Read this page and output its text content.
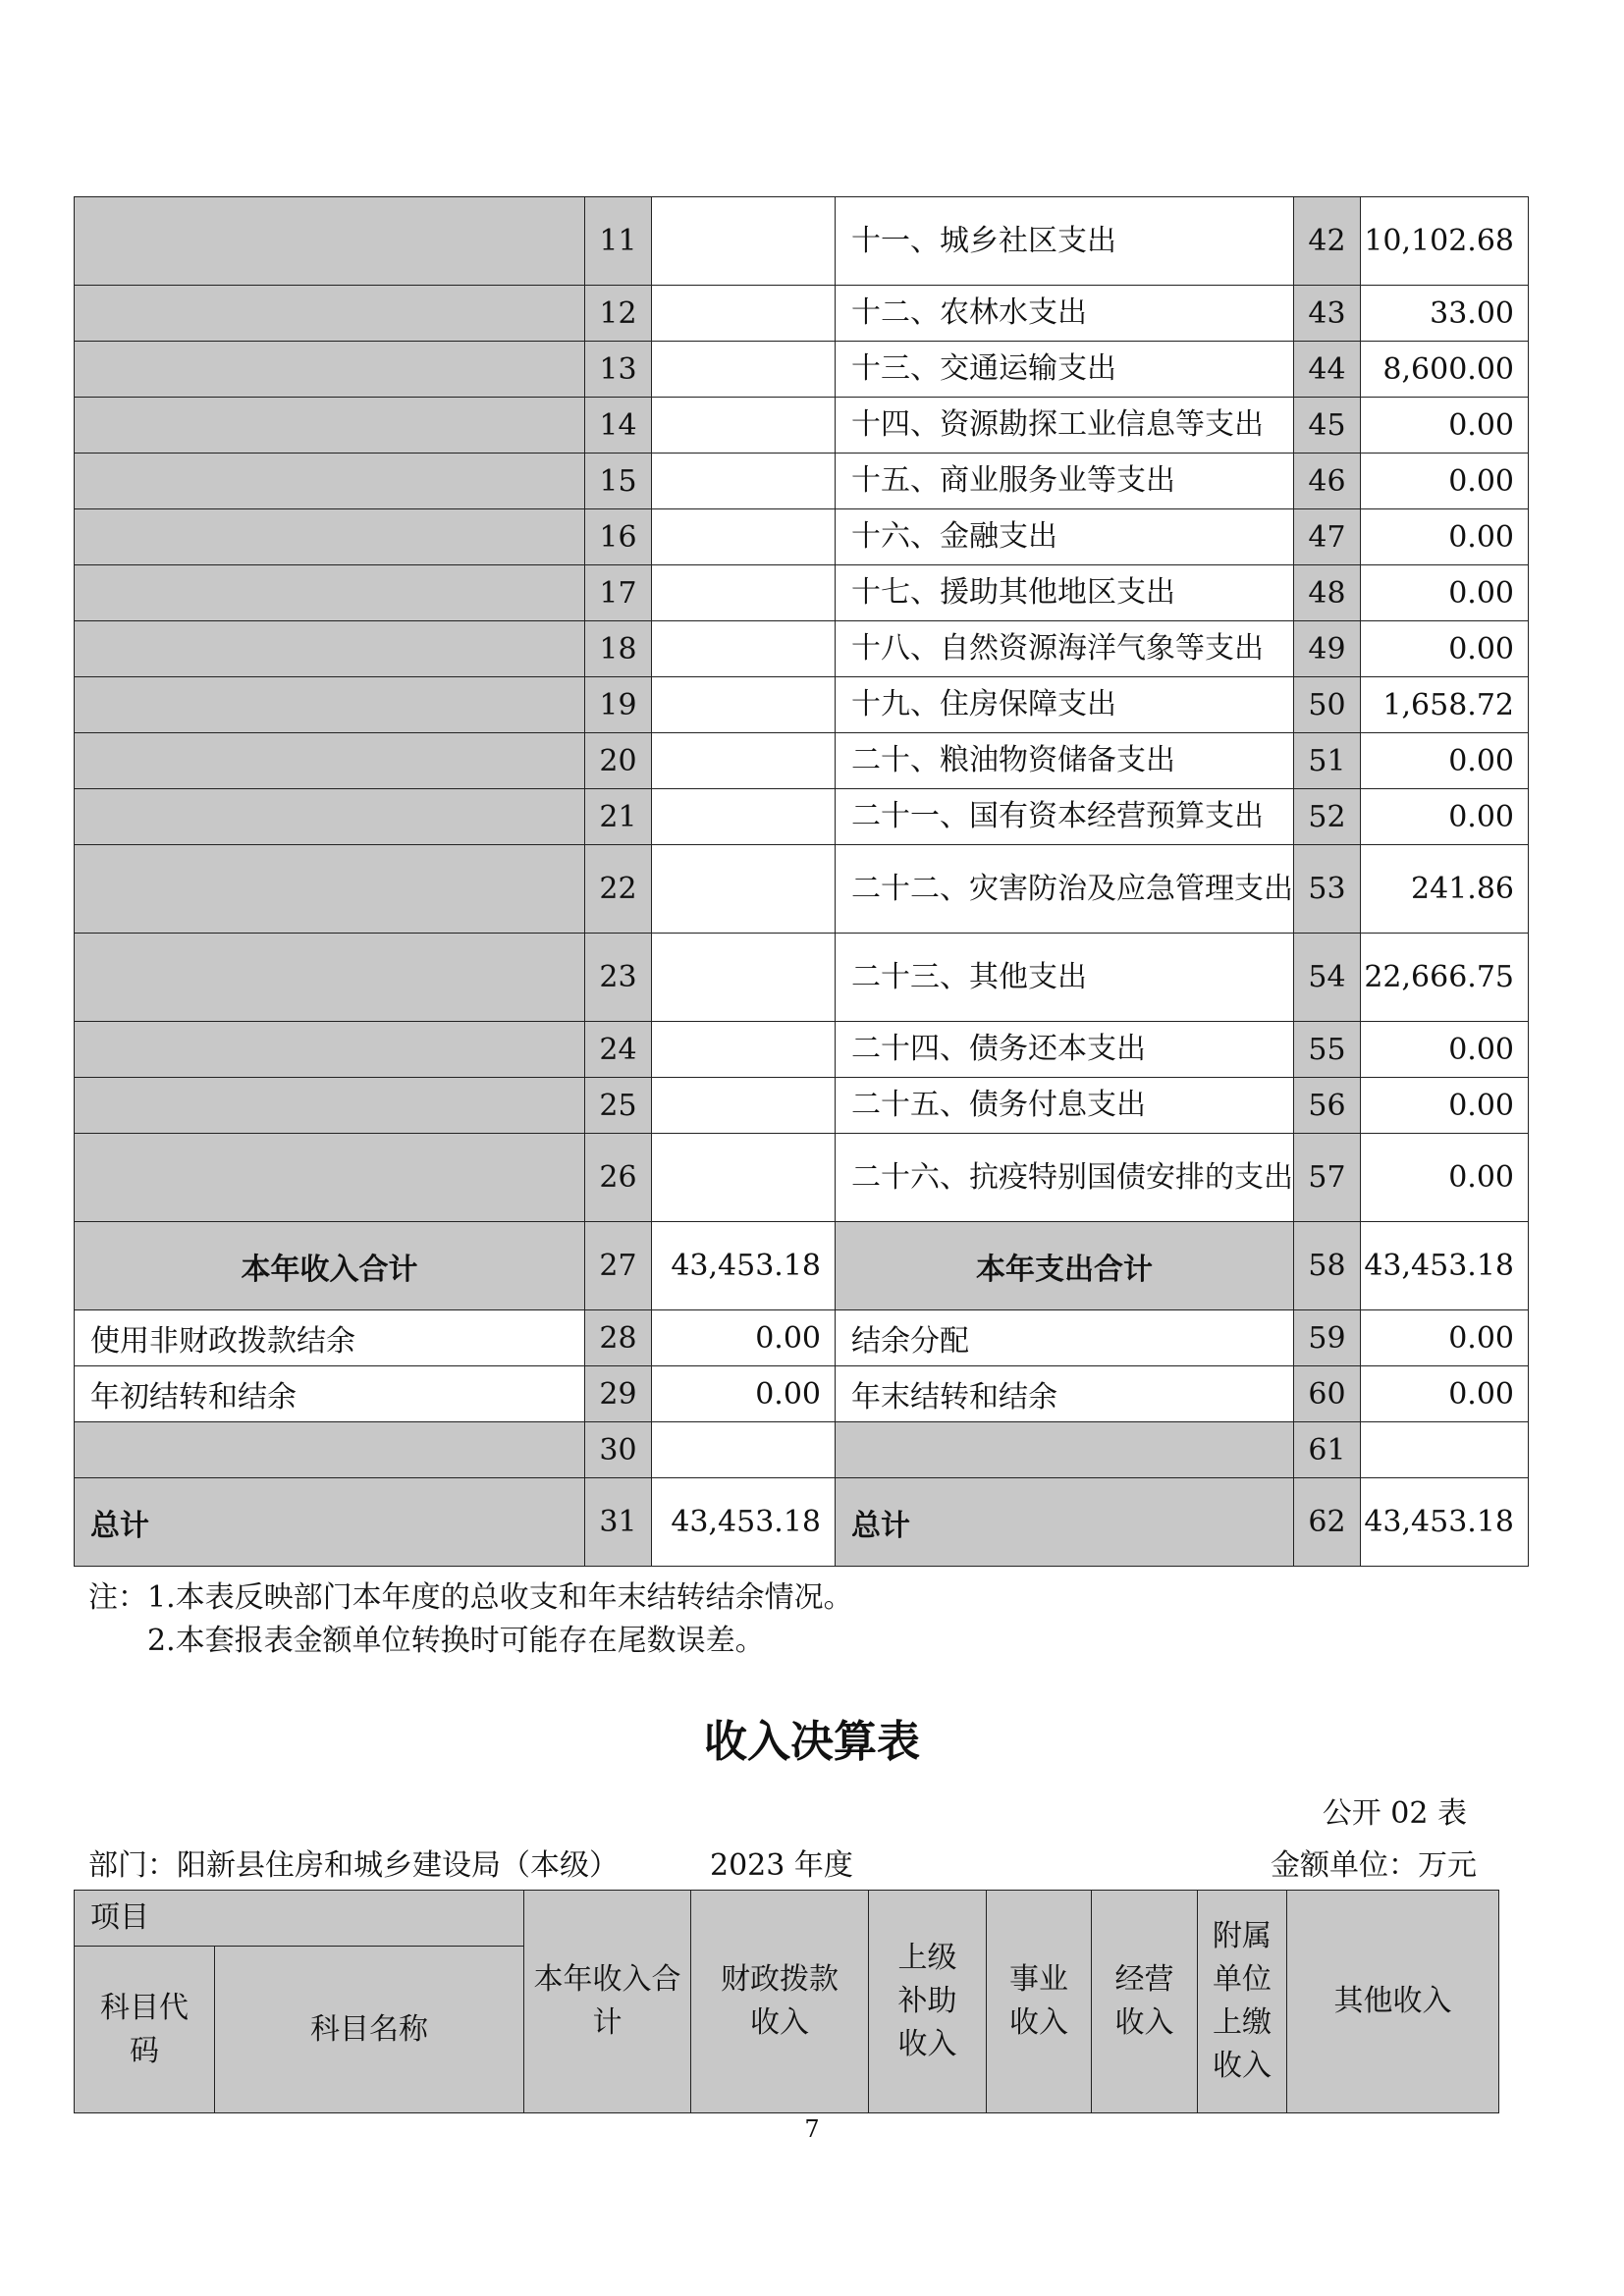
	11		十一、城乡社区支出	42	10,102.68
	12		十二、农林水支出	43	33.00
	13		十三、交通运输支出	44	8,600.00
	14		十四、资源勘探工业信息等支出	45	0.00
	15		十五、商业服务业等支出	46	0.00
	16		十六、金融支出	47	0.00
	17		十七、援助其他地区支出	48	0.00
	18		十八、自然资源海洋气象等支出	49	0.00
	19		十九、住房保障支出	50	1,658.72
	20		二十、粮油物资储备支出	51	0.00
	21		二十一、国有资本经营预算支出	52	0.00
	22		二十二、灾害防治及应急管理支出	53	241.86
	23		二十三、其他支出	54	22,666.75
	24		二十四、债务还本支出	55	0.00
	25		二十五、债务付息支出	56	0.00
	26		二十六、抗疫特别国债安排的支出	57	0.00
本年收入合计	27	43,453.18	本年支出合计	58	43,453.18
使用非财政拨款结余	28	0.00	结余分配	59	0.00
年初结转和结余	29	0.00	年末结转和结余	60	0.00
	30			61	
总计	31	43,453.18	总计	62	43,453.18
注：1.本表反映部门本年度的总收支和年末结转结余情况。
2.本套报表金额单位转换时可能存在尾数误差。
收入决算表
公开 02 表
部门：阳新县住房和城乡建设局（本级）	2023 年度	金额单位：万元
项目		本年收入合计	财政拨款收入	上级补助收入	事业收入	经营收入	附属单位上缴收入	其他收入
科目代码	科目名称							
7
